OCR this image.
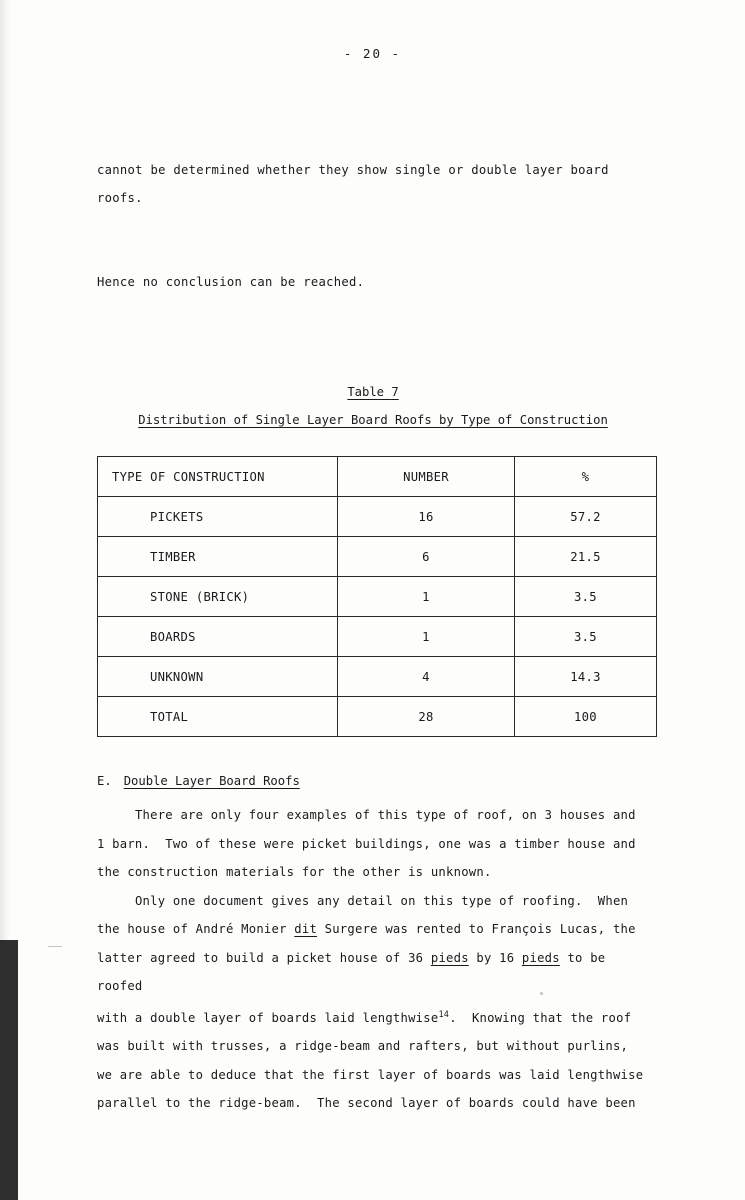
- 20 -

cannot be determined whether they show single or double layer board roofs.

Hence no conclusion can be reached.

Table 7
Distribution of Single Layer Board Roofs by Type of Construction
TYPE OF CONSTRUCTION	NUMBER	%
PICKETS	16	57.2
TIMBER	6	21.5
STONE (BRICK)	1	3.5
BOARDS	1	3.5
UNKNOWN	4	14.3
TOTAL	28	100
E. Double Layer Board Roofs

There are only four examples of this type of roof, on 3 houses and

1 barn.  Two of these were picket buildings, one was a timber house and

the construction materials for the other is unknown.

Only one document gives any detail on this type of roofing.  When

the house of André Monier dit Surgere was rented to François Lucas, the

latter agreed to build a picket house of 36 pieds by 16 pieds to be roofed

with a double layer of boards laid lengthwise$^{14}$.  Knowing that the roof

was built with trusses, a ridge-beam and rafters, but without purlins,

we are able to deduce that the first layer of boards was laid lengthwise

parallel to the ridge-beam.  The second layer of boards could have been
